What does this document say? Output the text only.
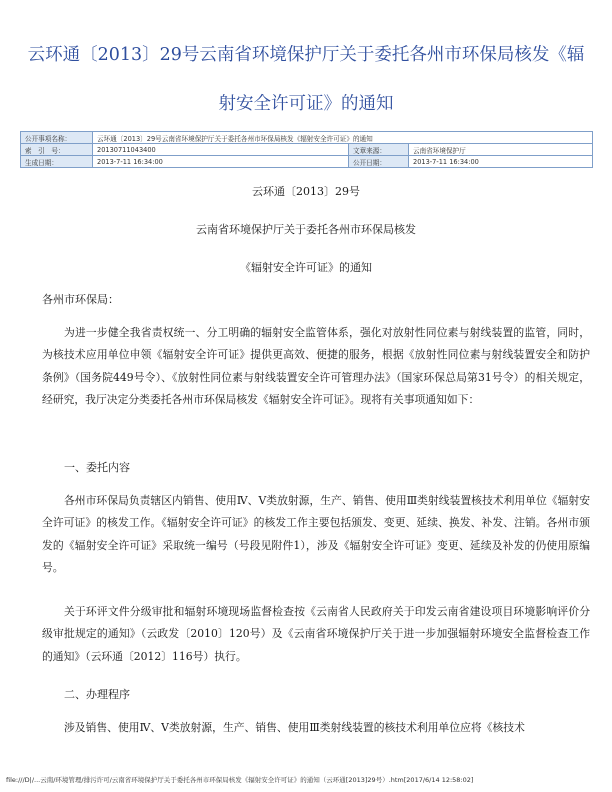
云环通〔2013〕29号云南省环境保护厅关于委托各州市环保局核发《辐
射安全许可证》的通知
公开事项名称：	云环通〔2013〕29号云南省环境保护厅关于委托各州市环保局核发《辐射安全许可证》的通知		
索　引　号：	20130711043400	文章来源：	云南省环境保护厅
生成日期：	2013-7-11 16:34:00	公开日期：	2013-7-11 16:34:00
云环通〔2013〕29号
云南省环境保护厅关于委托各州市环保局核发
《辐射安全许可证》的通知
各州市环保局：

为进一步健全我省责权统一、分工明确的辐射安全监管体系，强化对放射性同位素与射线装置的监管，同时，为核技术应用单位申领《辐射安全许可证》提供更高效、便捷的服务，根据《放射性同位素与射线装置安全和防护条例》（国务院449号令）、《放射性同位素与射线装置安全许可管理办法》（国家环保总局第31号令）的相关规定，经研究，我厅决定分类委托各州市环保局核发《辐射安全许可证》。现将有关事项通知如下：

一、委托内容

各州市环保局负责辖区内销售、使用Ⅳ、Ⅴ类放射源，生产、销售、使用Ⅲ类射线装置核技术利用单位《辐射安全许可证》的核发工作。《辐射安全许可证》的核发工作主要包括颁发、变更、延续、换发、补发、注销。各州市颁发的《辐射安全许可证》采取统一编号（号段见附件1），涉及《辐射安全许可证》变更、延续及补发的仍使用原编号。

关于环评文件分级审批和辐射环境现场监督检查按《云南省人民政府关于印发云南省建设项目环境影响评价分级审批规定的通知》（云政发〔2010〕120号）及《云南省环境保护厅关于进一步加强辐射环境安全监督检查工作的通知》（云环通〔2012〕116号）执行。

二、办理程序

涉及销售、使用Ⅳ、Ⅴ类放射源，生产、销售、使用Ⅲ类射线装置的核技术利用单位应将《核技术

file:///D|/...云南/环境管理/排污许可/云南省环境保护厅关于委托各州市环保局核发《辐射安全许可证》的通知（云环通[2013]29号）.htm[2017/6/14 12:58:02]
